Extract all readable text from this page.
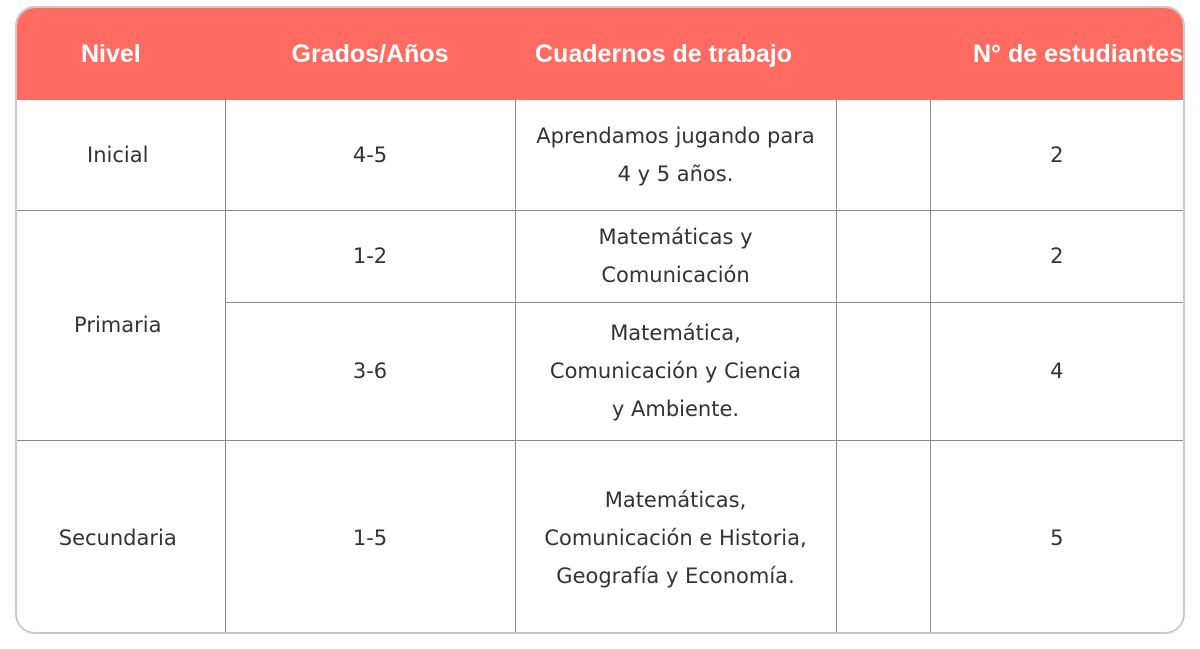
Nivel	Grados/Años	Cuadernos de trabajo		N° de estudiantes

Inicial	4-5	Aprendamos jugando para
4 y 5 años.		2

Primaria	1-2	Matemáticas y
Comunicación		2
	3-6	Matemática,
Comunicación y Ciencia
y Ambiente.		4

Secundaria	1-5	Matemáticas,
Comunicación e Historia,
Geografía y Economía.		5
